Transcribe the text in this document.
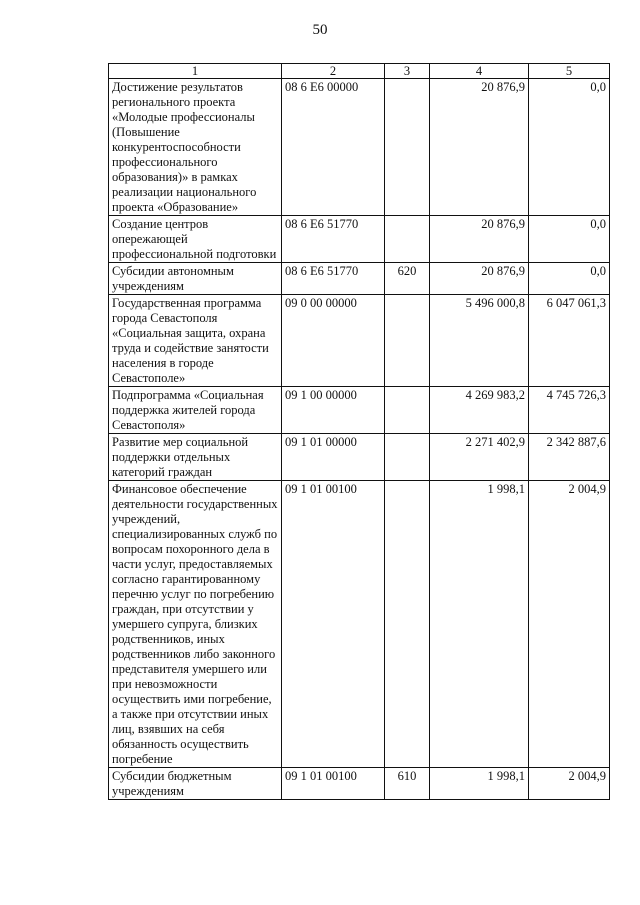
50
1	2	3	4	5
Достижение результатов регионального проекта «Молодые профессионалы (Повышение конкурентоспособности профессионального образования)» в рамках реализации национального проекта «Образование»	08 6 E6 00000		20 876,9	0,0
Создание центров опережающей профессиональной подготовки	08 6 E6 51770		20 876,9	0,0
Субсидии автономным учреждениям	08 6 E6 51770	620	20 876,9	0,0
Государственная программа города Севастополя «Социальная защита, охрана труда и содействие занятости населения в городе Севастополе»	09 0 00 00000		5 496 000,8	6 047 061,3
Подпрограмма «Социальная поддержка жителей города Севастополя»	09 1 00 00000		4 269 983,2	4 745 726,3
Развитие мер социальной поддержки отдельных категорий граждан	09 1 01 00000		2 271 402,9	2 342 887,6
Финансовое обеспечение деятельности государственных учреждений, специализированных служб по вопросам похоронного дела в части услуг, предоставляемых согласно гарантированному перечню услуг по погребению граждан, при отсутствии у умершего супруга, близких родственников, иных родственников либо законного представителя умершего или при невозможности осуществить ими погребение, а также при отсутствии иных лиц, взявших на себя обязанность осуществить погребение	09 1 01 00100		1 998,1	2 004,9
Субсидии бюджетным учреждениям	09 1 01 00100	610	1 998,1	2 004,9
